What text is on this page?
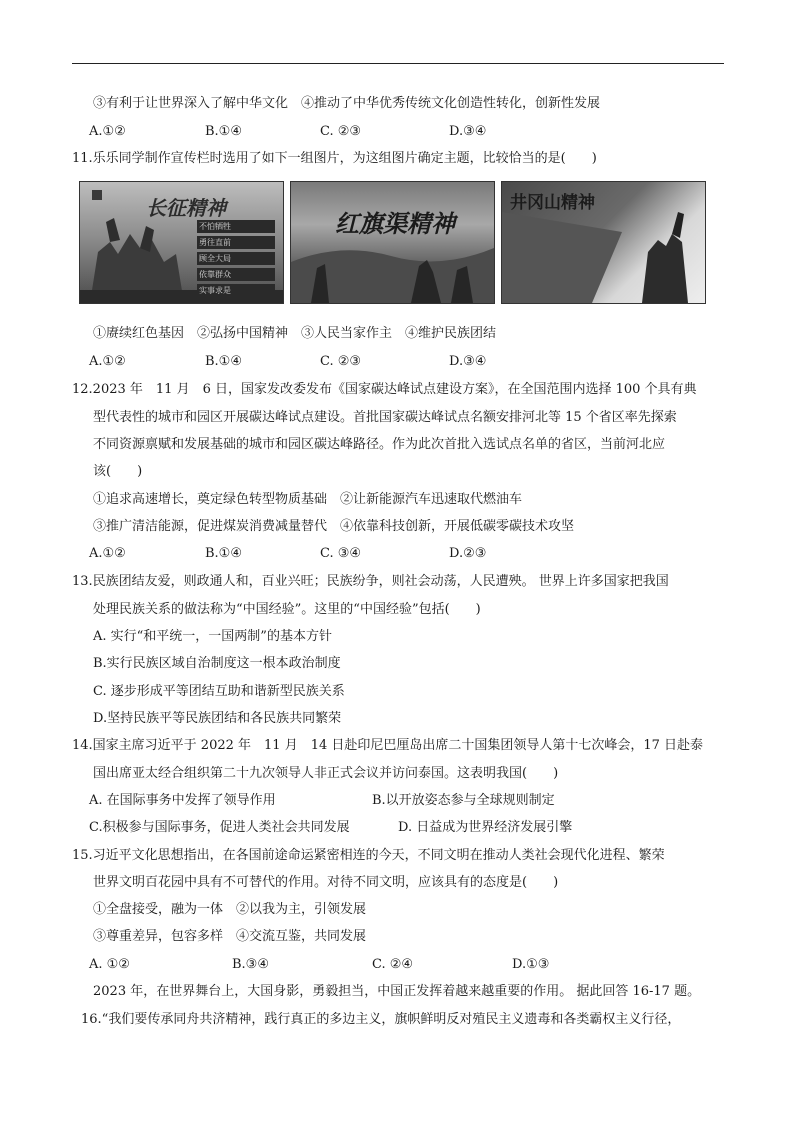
③有利于让世界深入了解中华文化　④推动了中华优秀传统文化创造性转化，创新性发展
A.①②	B.①④	C. ②③	D.③④
11.乐乐同学制作宣传栏时选用了如下一组图片，为这组图片确定主题，比较恰当的是(　　)
长征精神
不怕牺牲
勇往直前
顾全大局
依靠群众
实事求是
红旗渠精神
井冈山精神
①赓续红色基因　②弘扬中国精神　③人民当家作主　④维护民族团结
A.①②	B.①④	C. ②③	D.③④
12.2023 年　11 月　6 日，国家发改委发布《国家碳达峰试点建设方案》，在全国范围内选择 100 个具有典
型代表性的城市和园区开展碳达峰试点建设。首批国家碳达峰试点名额安排河北等 15 个省区率先探索
不同资源禀赋和发展基础的城市和园区碳达峰路径。作为此次首批入选试点名单的省区，当前河北应
该(　　)
①追求高速增长，奠定绿色转型物质基础　②让新能源汽车迅速取代燃油车
③推广清洁能源，促进煤炭消费减量替代　④依靠科技创新，开展低碳零碳技术攻坚
A.①②	B.①④	C. ③④	D.②③
13.民族团结友爱，则政通人和，百业兴旺；民族纷争，则社会动荡，人民遭殃。 世界上许多国家把我国
处理民族关系的做法称为“中国经验”。这里的“中国经验”包括(　　)
A. 实行“和平统一，一国两制”的基本方针
B.实行民族区域自治制度这一根本政治制度
C. 逐步形成平等团结互助和谐新型民族关系
D.坚持民族平等民族团结和各民族共同繁荣
14.国家主席习近平于 2022 年　11 月　14 日赴印尼巴厘岛出席二十国集团领导人第十七次峰会，17 日赴泰
国出席亚太经合组织第二十九次领导人非正式会议并访问泰国。这表明我国(　　)
A. 在国际事务中发挥了领导作用	B.以开放姿态参与全球规则制定
C.积极参与国际事务，促进人类社会共同发展	D. 日益成为世界经济发展引擎
15.习近平文化思想指出，在各国前途命运紧密相连的今天，不同文明在推动人类社会现代化进程、繁荣
世界文明百花园中具有不可替代的作用。对待不同文明，应该具有的态度是(　　)
①全盘接受，融为一体　②以我为主，引领发展
③尊重差异，包容多样　④交流互鉴，共同发展
A. ①②	B.③④	C. ②④	D.①③
2023 年，在世界舞台上，大国身影，勇毅担当，中国正发挥着越来越重要的作用。 据此回答 16-17 题。
16.“我们要传承同舟共济精神，践行真正的多边主义，旗帜鲜明反对殖民主义遗毒和各类霸权主义行径，
